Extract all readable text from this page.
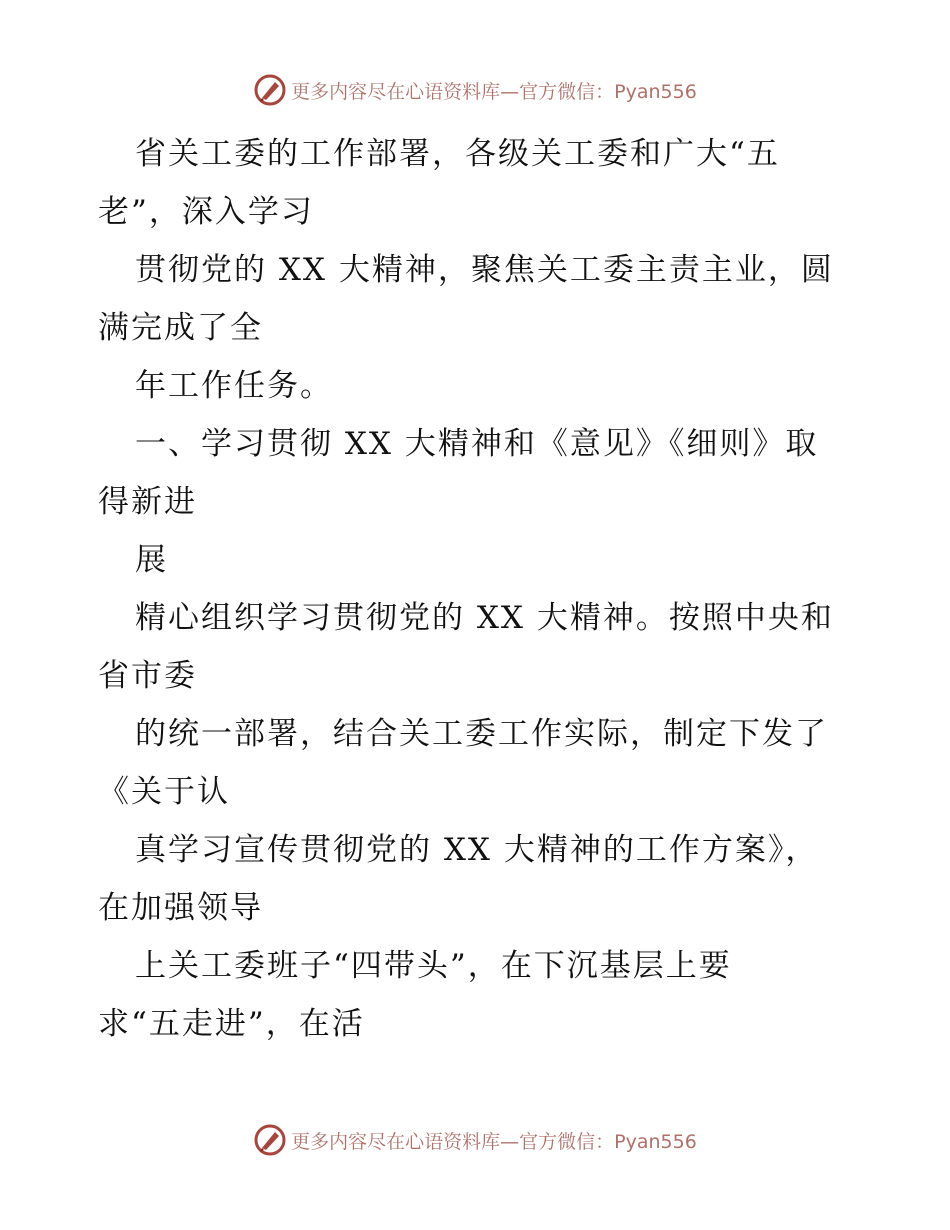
更多内容尽在心语资料库—官方微信：Pyan556
省关工委的工作部署，各级关工委和广大“五
老”，深入学习
贯彻党的 XX 大精神，聚焦关工委主责主业，圆
满完成了全
年工作任务。
一、学习贯彻 XX 大精神和《意见》《细则》取
得新进
展
精心组织学习贯彻党的 XX 大精神。按照中央和
省市委
的统一部署，结合关工委工作实际，制定下发了
《关于认
真学习宣传贯彻党的 XX 大精神的工作方案》，
在加强领导
上关工委班子“四带头”，在下沉基层上要
求“五走进”，在活
更多内容尽在心语资料库—官方微信：Pyan556
